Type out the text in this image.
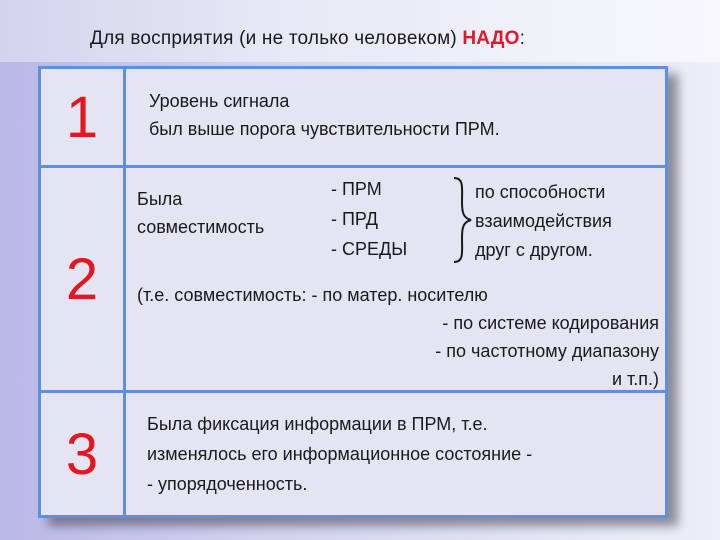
Для восприятия (и не только человеком) НАДО:
1	Уровень сигнала
был выше порога чувствительности ПРМ.
2
Была
совместимость
- ПРМ
- ПРД
- СРЕДЫ
по способности
взаимодействия
друг с другом.
(т.е. совместимость: - по матер. носителю
- по системе кодирования
- по частотному диапазону
и т.п.)
3	Была фиксация информации в ПРМ, т.е.
изменялось его информационное состояние -
- упорядоченность.
